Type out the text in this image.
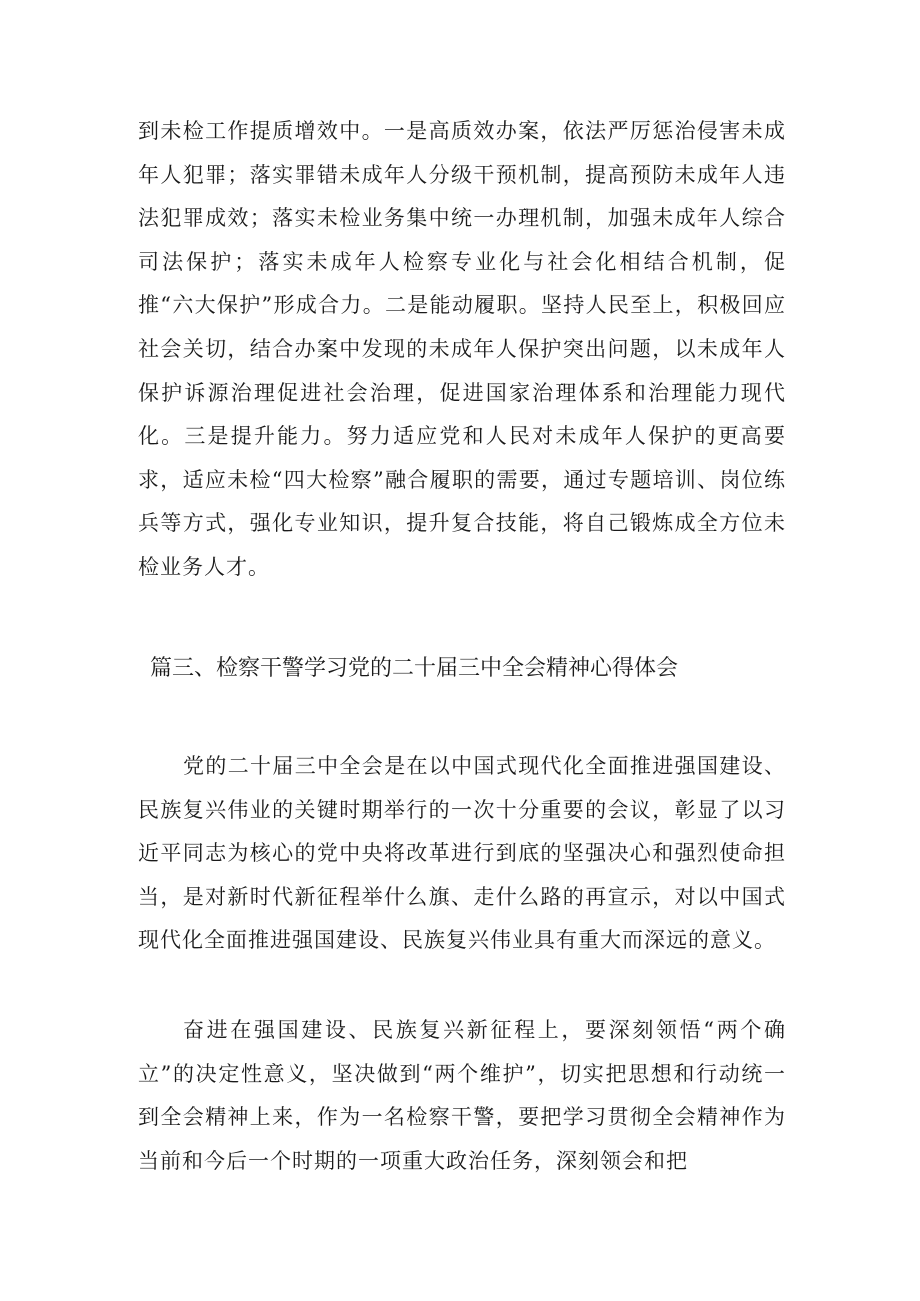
到未检工作提质增效中。一是高质效办案，依法严厉惩治侵害未成年人犯罪；落实罪错未成年人分级干预机制，提高预防未成年人违法犯罪成效；落实未检业务集中统一办理机制，加强未成年人综合司法保护；落实未成年人检察专业化与社会化相结合机制，促推“六大保护”形成合力。二是能动履职。坚持人民至上，积极回应社会关切，结合办案中发现的未成年人保护突出问题，以未成年人保护诉源治理促进社会治理，促进国家治理体系和治理能力现代化。三是提升能力。努力适应党和人民对未成年人保护的更高要求，适应未检“四大检察”融合履职的需要，通过专题培训、岗位练兵等方式，强化专业知识，提升复合技能，将自己锻炼成全方位未检业务人才。

篇三、检察干警学习党的二十届三中全会精神心得体会

党的二十届三中全会是在以中国式现代化全面推进强国建设、民族复兴伟业的关键时期举行的一次十分重要的会议，彰显了以习近平同志为核心的党中央将改革进行到底的坚强决心和强烈使命担当，是对新时代新征程举什么旗、走什么路的再宣示，对以中国式现代化全面推进强国建设、民族复兴伟业具有重大而深远的意义。

奋进在强国建设、民族复兴新征程上，要深刻领悟“两个确立”的决定性意义，坚决做到“两个维护”，切实把思想和行动统一到全会精神上来，作为一名检察干警，要把学习贯彻全会精神作为当前和今后一个时期的一项重大政治任务，深刻领会和把
